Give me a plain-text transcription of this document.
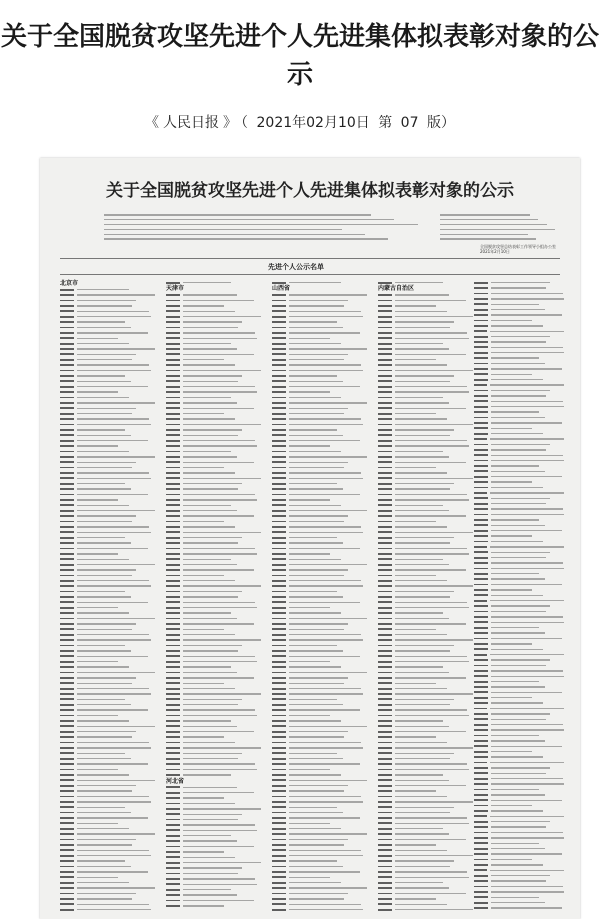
关于全国脱贫攻坚先进个人先进集体拟表彰对象的公示
《 人民日报 》 （ 2021年02月10日 第 07 版）
关于全国脱贫攻坚先进个人先进集体拟表彰对象的公示
全国脱贫攻坚总结表彰工作领导小组办公室
2021年2月10日
先进个人公示名单
北京市
天津市
河北省
山西省	内蒙古自治区
